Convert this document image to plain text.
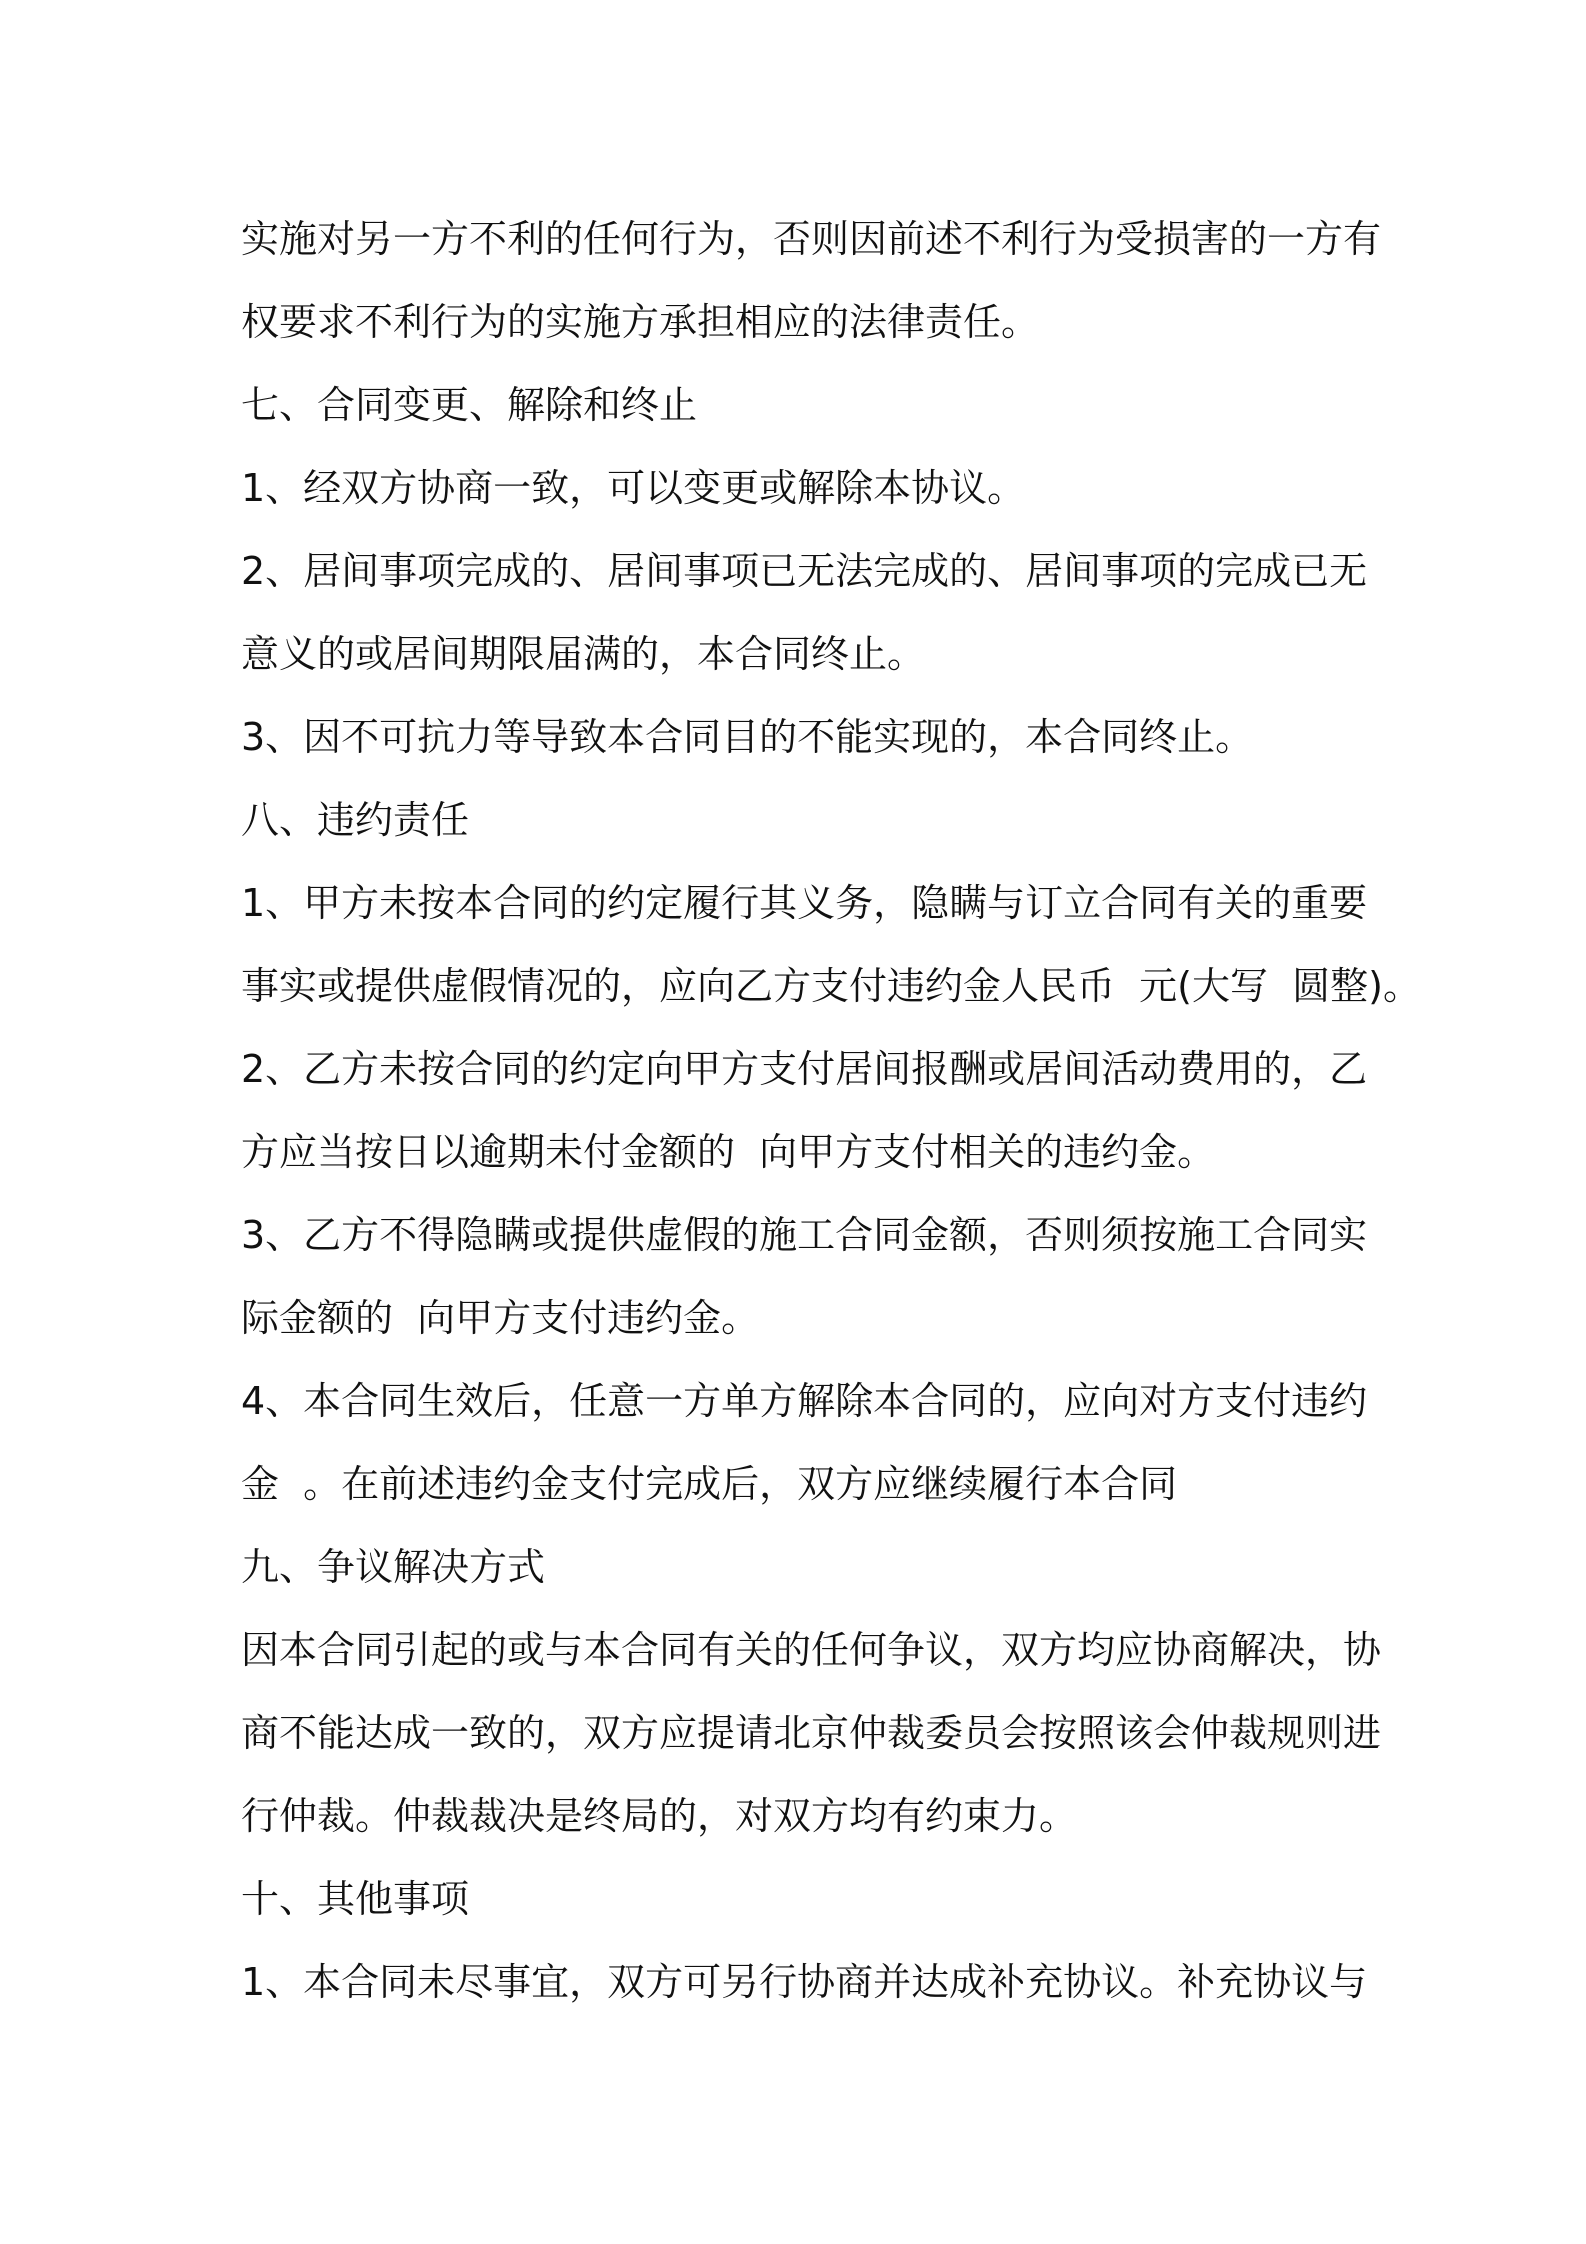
实施对另一方不利的任何行为，否则因前述不利行为受损害的一方有
权要求不利行为的实施方承担相应的法律责任。
七、合同变更、解除和终止
1、经双方协商一致，可以变更或解除本协议。
2、居间事项完成的、居间事项已无法完成的、居间事项的完成已无
意义的或居间期限届满的，本合同终止。
3、因不可抗力等导致本合同目的不能实现的，本合同终止。
八、违约责任
1、甲方未按本合同的约定履行其义务，隐瞒与订立合同有关的重要
事实或提供虚假情况的，应向乙方支付违约金人民币  元(大写  圆整)。
2、乙方未按合同的约定向甲方支付居间报酬或居间活动费用的，乙
方应当按日以逾期未付金额的  向甲方支付相关的违约金。
3、乙方不得隐瞒或提供虚假的施工合同金额，否则须按施工合同实
际金额的  向甲方支付违约金。
4、本合同生效后，任意一方单方解除本合同的，应向对方支付违约
金  。在前述违约金支付完成后，双方应继续履行本合同
九、争议解决方式
因本合同引起的或与本合同有关的任何争议，双方均应协商解决，协
商不能达成一致的，双方应提请北京仲裁委员会按照该会仲裁规则进
行仲裁。仲裁裁决是终局的，对双方均有约束力。
十、其他事项
1、本合同未尽事宜，双方可另行协商并达成补充协议。补充协议与
